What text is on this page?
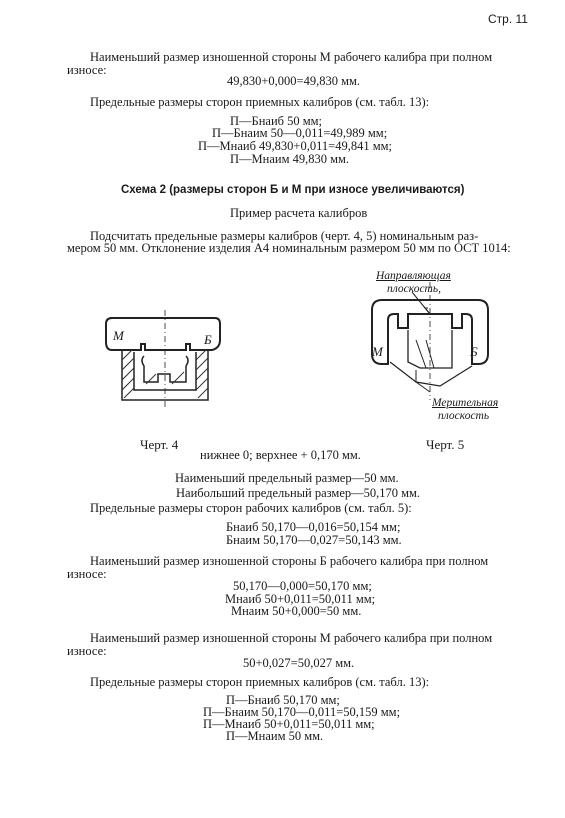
Стр. 11
Наименьший размер изношенной стороны М рабочего калибра при полном
износе:
49,830+0,000=49,830 мм.
Предельные размеры сторон приемных калибров (см. табл. 13):
П—Бнаиб 50 мм;
П—Бнаим 50—0,011=49,989 мм;
П—Мнаиб 49,830+0,011=49,841 мм;
П—Мнаим 49,830 мм.
Схема 2 (размеры сторон Б и М при износе увеличиваются)
Пример расчета калибров
Подсчитать предельные размеры калибров (черт. 4, 5) номинальным раз-
мером 50 мм. Отклонение изделия А4 номинальным размером 50 мм по ОСТ 1014:
М	Б
М	Б
Направляющая
плоскость,
Мерительная
плоскость
Черт. 4	Черт. 5
нижнее 0; верхнее + 0,170 мм.
Наименьший предельный размер—50 мм.
Наибольший предельный размер—50,170 мм.
Предельные размеры сторон рабочих калибров (см. табл. 5):
Бнаиб 50,170—0,016=50,154 мм;
Бнаим 50,170—0,027=50,143 мм.
Наименьший размер изношенной стороны Б рабочего калибра при полном
износе:
50,170—0,000=50,170 мм;
Мнаиб 50+0,011=50,011 мм;
Мнаим 50+0,000=50 мм.
Наименьший размер изношенной стороны М рабочего калибра при полном
износе:
50+0,027=50,027 мм.
Предельные размеры сторон приемных калибров (см. табл. 13):
П—Бнаиб 50,170 мм;
П—Бнаим 50,170—0,011=50,159 мм;
П—Мнаиб 50+0,011=50,011 мм;
П—Мнаим 50 мм.
